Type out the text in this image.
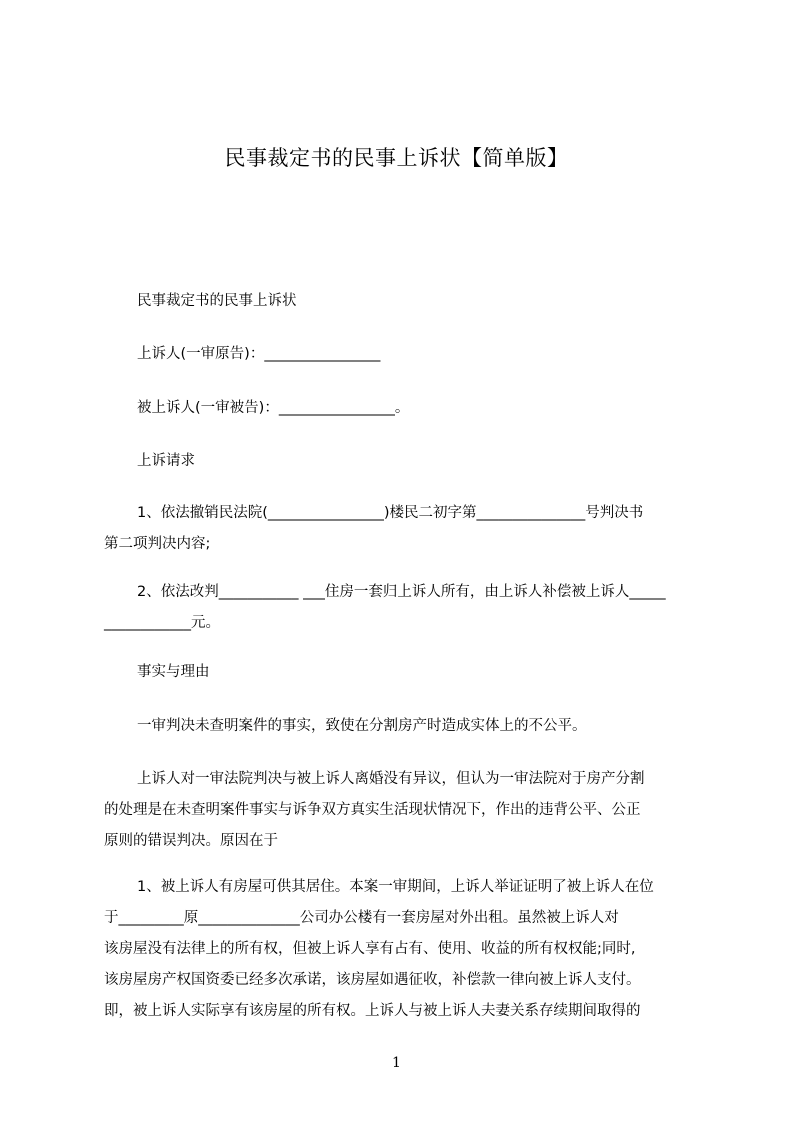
民事裁定书的民事上诉状【简单版】
民事裁定书的民事上诉状
上诉人(一审原告)：________________
被上诉人(一审被告)：________________。
上诉请求
1、依法撤销民法院(________________)楼民二初字第_______________号判决书
第二项判决内容;
2、依法改判___________ ___住房一套归上诉人所有，由上诉人补偿被上诉人_____
____________元。
事实与理由
一审判决未查明案件的事实，致使在分割房产时造成实体上的不公平。
上诉人对一审法院判决与被上诉人离婚没有异议，但认为一审法院对于房产分割
的处理是在未查明案件事实与诉争双方真实生活现状情况下，作出的违背公平、公正
原则的错误判决。原因在于
1、被上诉人有房屋可供其居住。本案一审期间，上诉人举证证明了被上诉人在位
于_________原______________公司办公楼有一套房屋对外出租。虽然被上诉人对
该房屋没有法律上的所有权，但被上诉人享有占有、使用、收益的所有权权能;同时,
该房屋房产权国资委已经多次承诺，该房屋如遇征收，补偿款一律向被上诉人支付。
即，被上诉人实际享有该房屋的所有权。上诉人与被上诉人夫妻关系存续期间取得的
1
